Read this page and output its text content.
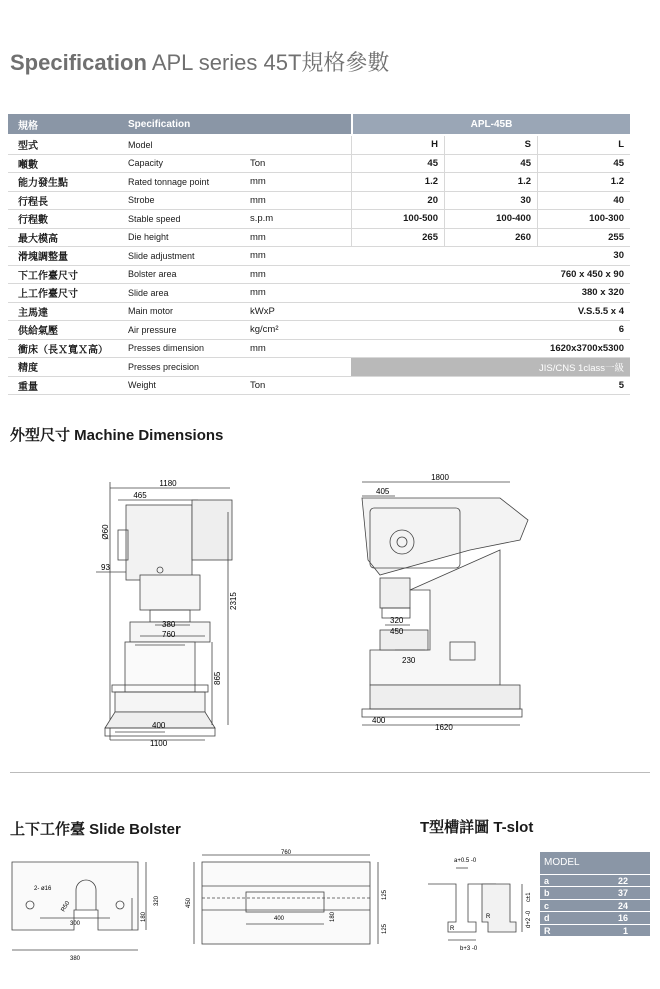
Specification APL series 45T規格參數
規格	Specification	APL-45B
型式	Model	H	S	L
噸數	Capacity	Ton	45	45	45
能力發生點	Rated tonnage point	mm	1.2	1.2	1.2
行程長	Strobe	mm	20	30	40
行程數	Stable speed	s.p.m	100-500	100-400	100-300
最大模高	Die height	mm	265	260	255
滑塊調整量	Slide adjustment	mm	30
下工作臺尺寸	Bolster area	mm	760 x 450 x 90
上工作臺尺寸	Slide area	mm	380 x 320
主馬達	Main motor	kWxP	V.S.5.5 x 4
供給氣壓	Air pressure	kg/cm²	6
衝床（長Ｘ寬Ｘ高）	Presses dimension	mm	1620x3700x5300
精度	Presses precision	JIS/CNS 1class一級
重量	Weight	Ton	5
外型尺寸 Machine Dimensions
1180
465
Ø60
93
380
760
2315
865
400
1100
1800
405
320
450
230
400
1620
上下工作臺 Slide Bolster	T型槽詳圖 T-slot
2- ø16
R50
300
320
180
380
760
450
400	180
125
125
a+0.5 -0
c±1
d+2 -0
b+3 -0
R
R
MODEL
a	22
b	37
c	24
d	16
R	1
